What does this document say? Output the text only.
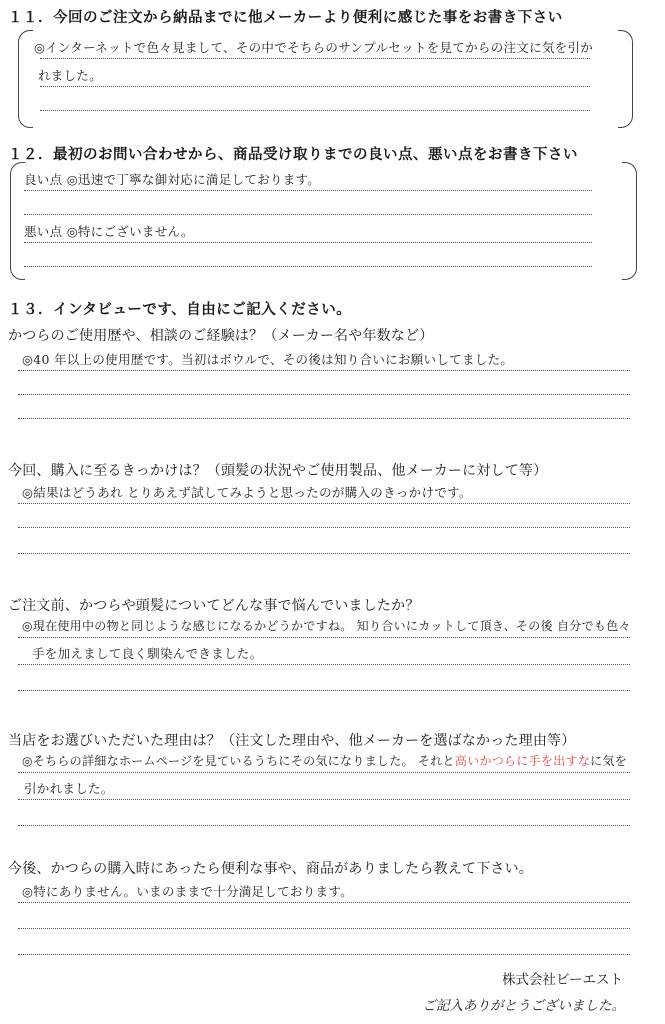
１１．今回のご注文から納品までに他メーカーより便利に感じた事をお書き下さい
◎インターネットで色々見まして、その中でそちらのサンプルセットを見てからの注文に気を引か
れました。
１２．最初のお問い合わせから、商品受け取りまでの良い点、悪い点をお書き下さい
良い点 ◎迅速で丁寧な御対応に満足しております。
悪い点 ◎特にございません。
１３．インタビューです、自由にご記入ください。
かつらのご使用歴や、相談のご経験は？（メーカー名や年数など）
◎40 年以上の使用歴です。当初はボウルで、その後は知り合いにお願いしてました。
今回、購入に至るきっかけは？（頭髪の状況やご使用製品、他メーカーに対して等）
◎結果はどうあれ とりあえず試してみようと思ったのが購入のきっかけです。
ご注文前、かつらや頭髪についてどんな事で悩んでいましたか？
◎現在使用中の物と同じような感じになるかどうかですね。 知り合いにカットして頂き、その後 自分でも色々
手を加えまして良く馴染んできました。
当店をお選びいただいた理由は？（注文した理由や、他メーカーを選ばなかった理由等）
◎そちらの詳細なホームページを見ているうちにその気になりました。 それと高いかつらに手を出すなに気を
引かれました。
今後、かつらの購入時にあったら便利な事や、商品がありましたら教えて下さい。
◎特にありません。いまのままで十分満足しております。
株式会社ビーエスト
ご記入ありがとうございました。
